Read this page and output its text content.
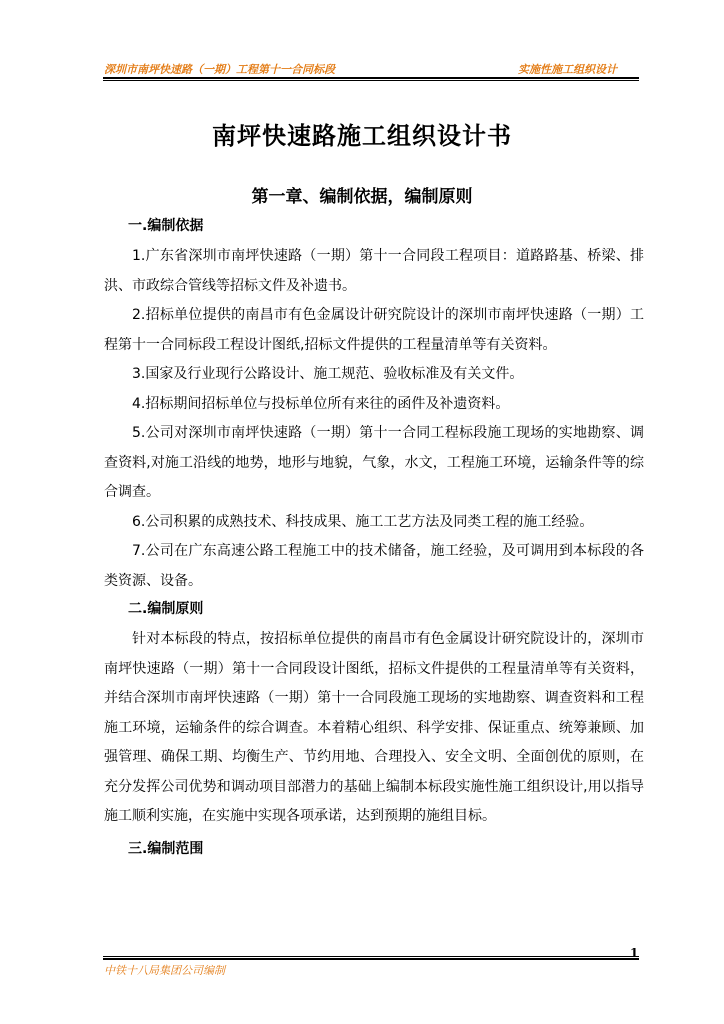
深圳市南坪快速路（一期）工程第十一合同标段	实施性施工组织设计
南坪快速路施工组织设计书
第一章、编制依据，编制原则

一.编制依据

1.广东省深圳市南坪快速路（一期）第十一合同段工程项目：道路路基、桥梁、排洪、市政综合管线等招标文件及补遗书。

2.招标单位提供的南昌市有色金属设计研究院设计的深圳市南坪快速路（一期）工程第十一合同标段工程设计图纸,招标文件提供的工程量清单等有关资料。

3.国家及行业现行公路设计、施工规范、验收标准及有关文件。

4.招标期间招标单位与投标单位所有来往的函件及补遗资料。

5.公司对深圳市南坪快速路（一期）第十一合同工程标段施工现场的实地勘察、调查资料,对施工沿线的地势，地形与地貌，气象，水文，工程施工环境，运输条件等的综合调查。

6.公司积累的成熟技术、科技成果、施工工艺方法及同类工程的施工经验。

7.公司在广东高速公路工程施工中的技术储备，施工经验，及可调用到本标段的各类资源、设备。

二.编制原则

针对本标段的特点，按招标单位提供的南昌市有色金属设计研究院设计的，深圳市南坪快速路（一期）第十一合同段设计图纸，招标文件提供的工程量清单等有关资料，并结合深圳市南坪快速路（一期）第十一合同段施工现场的实地勘察、调查资料和工程施工环境，运输条件的综合调查。本着精心组织、科学安排、保证重点、统筹兼顾、加强管理、确保工期、均衡生产、节约用地、合理投入、安全文明、全面创优的原则，在充分发挥公司优势和调动项目部潜力的基础上编制本标段实施性施工组织设计,用以指导施工顺利实施，在实施中实现各项承诺，达到预期的施组目标。

三.编制范围

1
中铁十八局集团公司编制
